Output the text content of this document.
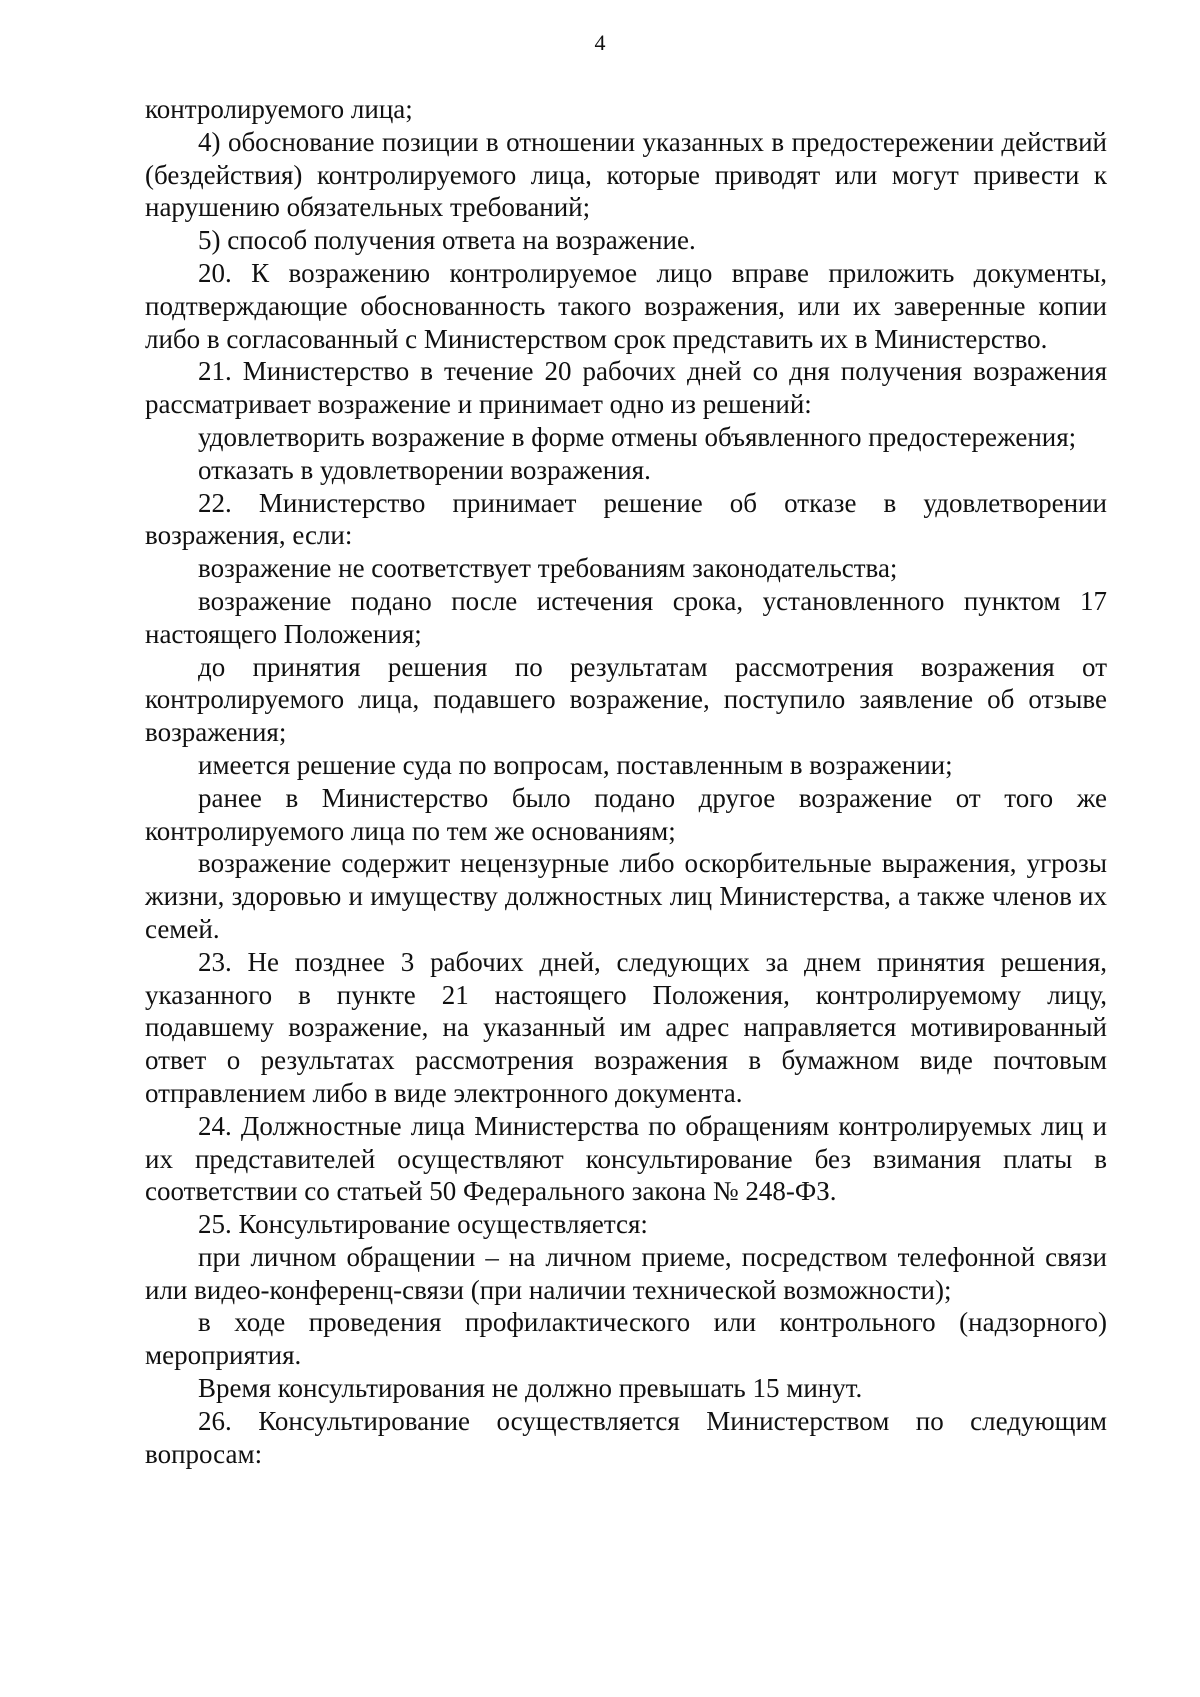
4

контролируемого лица;

4) обоснование позиции в отношении указанных в предостережении действий (бездействия) контролируемого лица, которые приводят или могут привести к нарушению обязательных требований;

5) способ получения ответа на возражение.

20. К возражению контролируемое лицо вправе приложить документы, подтверждающие обоснованность такого возражения, или их заверенные копии либо в согласованный с Министерством срок представить их в Министерство.

21. Министерство в течение 20 рабочих дней со дня получения возражения рассматривает возражение и принимает одно из решений:

удовлетворить возражение в форме отмены объявленного предостережения;

отказать в удовлетворении возражения.

22. Министерство принимает решение об отказе в удовлетворении возражения, если:

возражение не соответствует требованиям законодательства;

возражение подано после истечения срока, установленного пунктом 17 настоящего Положения;

до принятия решения по результатам рассмотрения возражения от контролируемого лица, подавшего возражение, поступило заявление об отзыве возражения;

имеется решение суда по вопросам, поставленным в возражении;

ранее в Министерство было подано другое возражение от того же контролируемого лица по тем же основаниям;

возражение содержит нецензурные либо оскорбительные выражения, угрозы жизни, здоровью и имуществу должностных лиц Министерства, а также членов их семей.

23. Не позднее 3 рабочих дней, следующих за днем принятия решения, указанного в пункте 21 настоящего Положения, контролируемому лицу, подавшему возражение, на указанный им адрес направляется мотивированный ответ о результатах рассмотрения возражения в бумажном виде почтовым отправлением либо в виде электронного документа.

24. Должностные лица Министерства по обращениям контролируемых лиц и их представителей осуществляют консультирование без взимания платы в соответствии со статьей 50 Федерального закона № 248-ФЗ.

25. Консультирование осуществляется:

при личном обращении – на личном приеме, посредством телефонной связи или видео-конференц-связи (при наличии технической возможности);

в ходе проведения профилактического или контрольного (надзорного) мероприятия.

Время консультирования не должно превышать 15 минут.

26. Консультирование осуществляется Министерством по следующим вопросам:
